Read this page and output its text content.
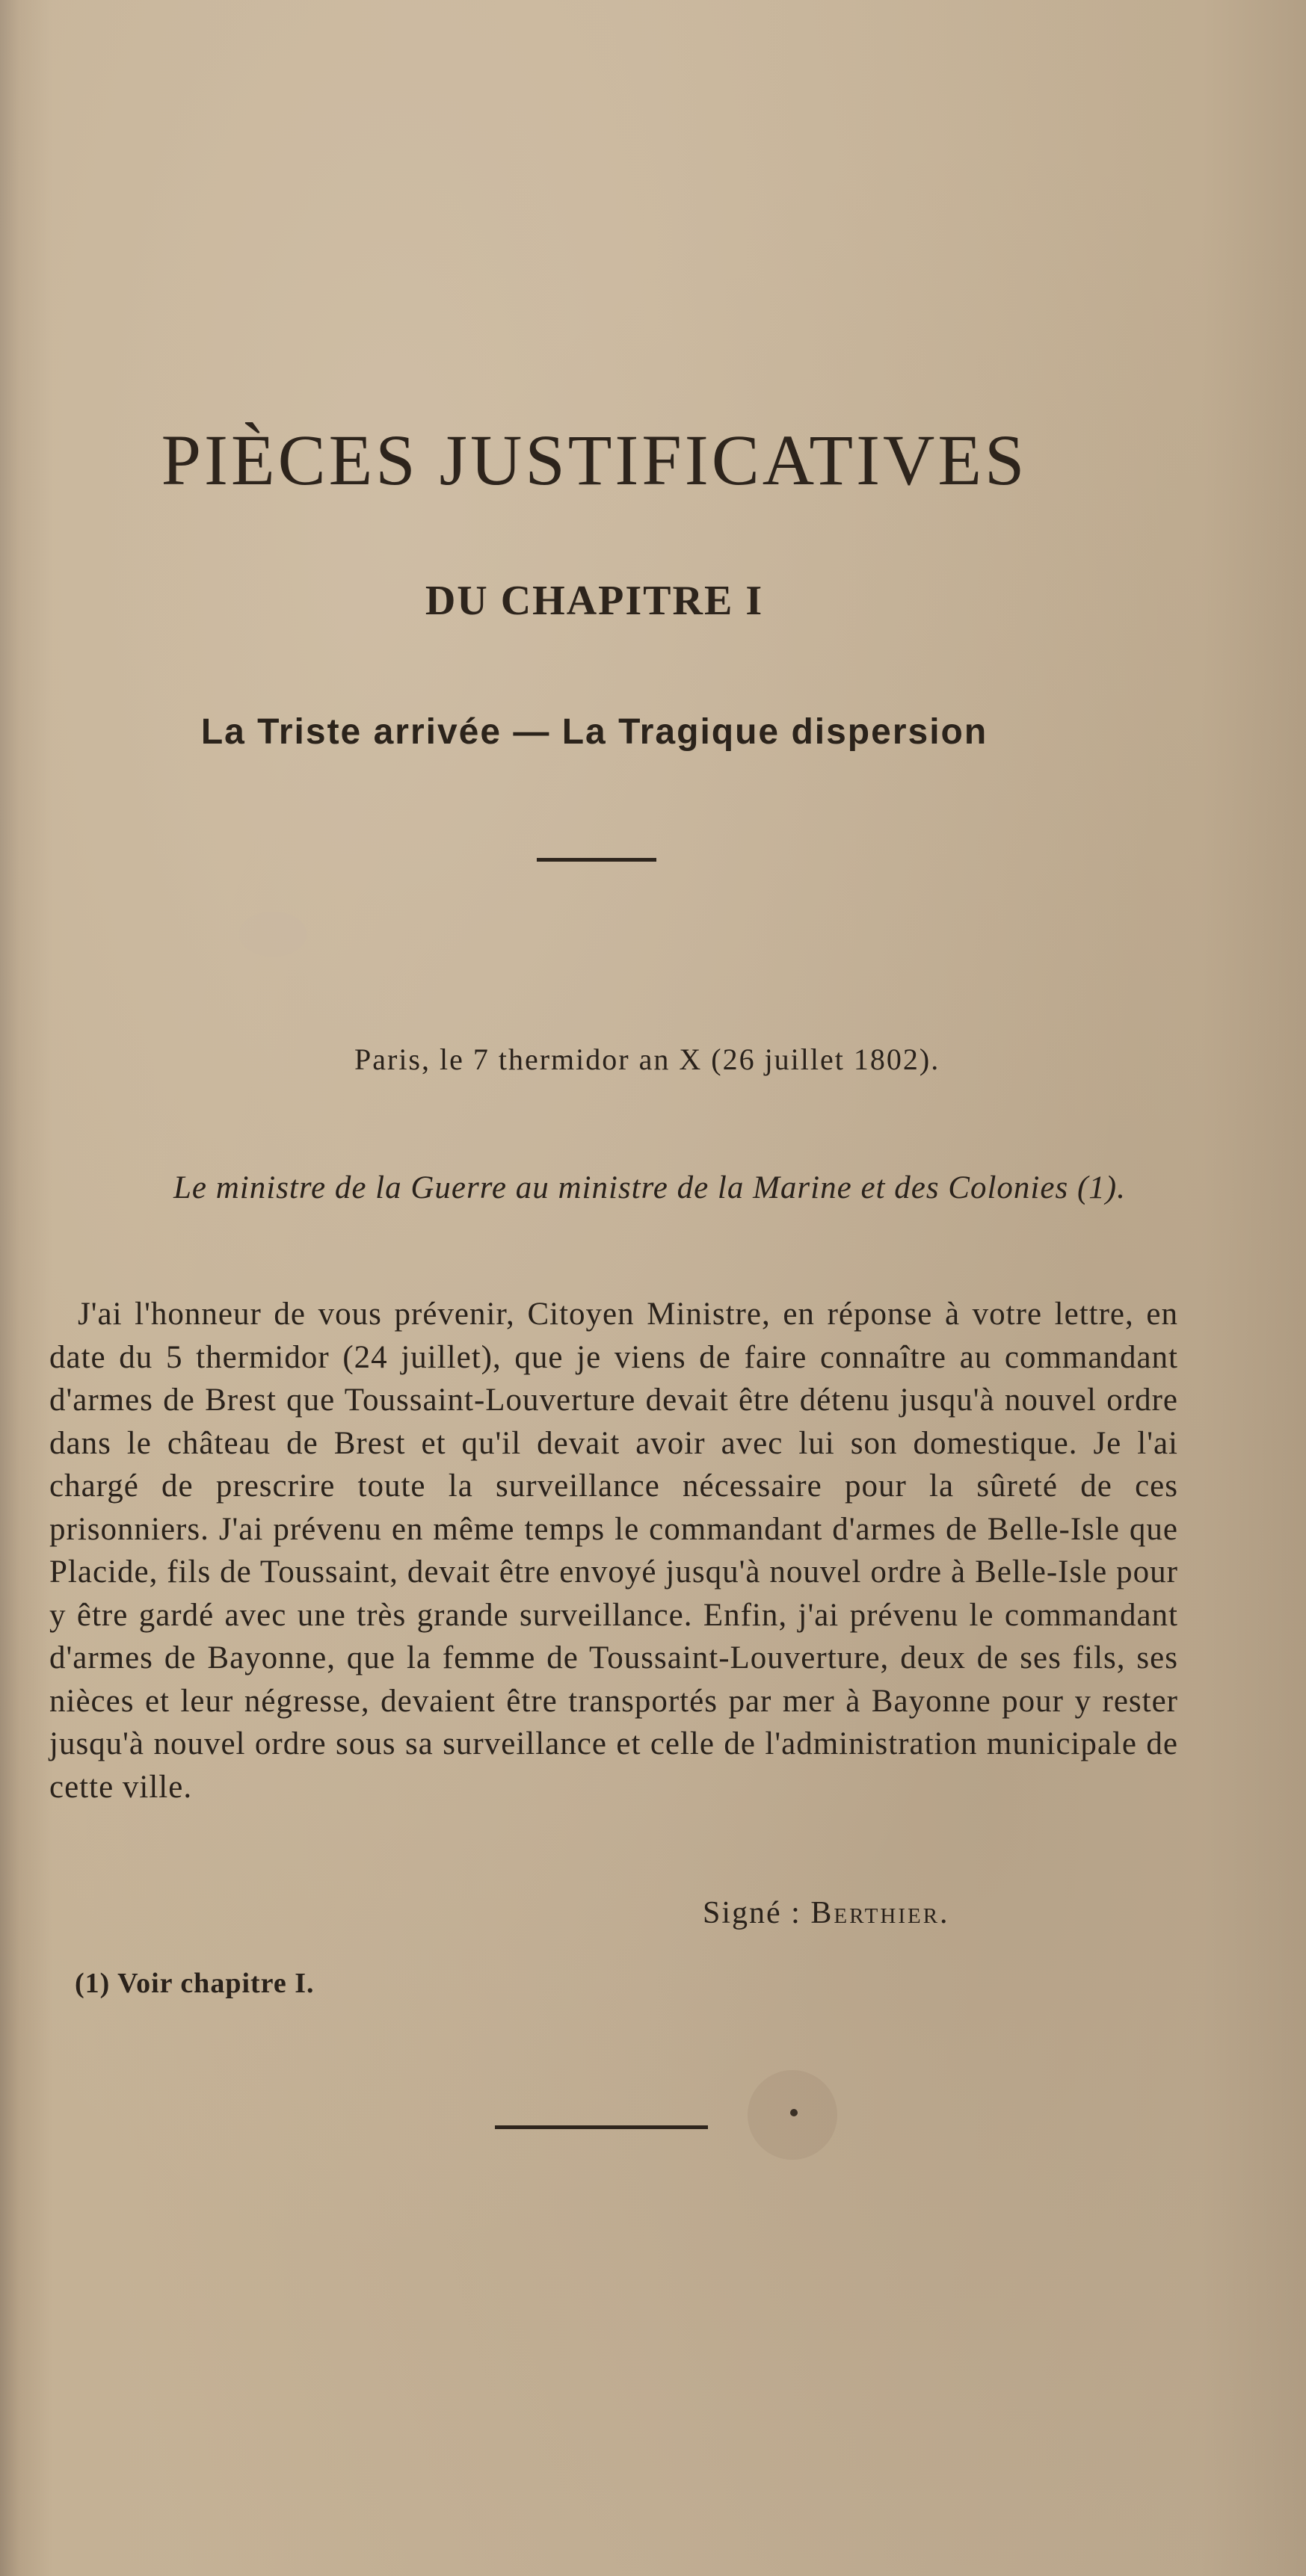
PIÈCES JUSTIFICATIVES
DU CHAPITRE I
La Triste arrivée — La Tragique dispersion

Paris, le 7 thermidor an X (26 juillet 1802).

Le ministre de la Guerre au ministre de la Marine et des Colonies (1).

J'ai l'honneur de vous prévenir, Citoyen Ministre, en réponse à votre lettre, en date du 5 thermidor (24 juillet), que je viens de faire connaître au commandant d'armes de Brest que Toussaint-Louverture devait être détenu jusqu'à nouvel ordre dans le château de Brest et qu'il devait avoir avec lui son domestique. Je l'ai chargé de prescrire toute la surveillance nécessaire pour la sûreté de ces prisonniers. J'ai prévenu en même temps le commandant d'armes de Belle-Isle que Placide, fils de Toussaint, devait être envoyé jusqu'à nouvel ordre à Belle-Isle pour y être gardé avec une très grande surveillance. Enfin, j'ai prévenu le commandant d'armes de Bayonne, que la femme de Toussaint-Louverture, deux de ses fils, ses nièces et leur négresse, devaient être transportés par mer à Bayonne pour y rester jusqu'à nouvel ordre sous sa surveillance et celle de l'administration municipale de cette ville.

Signé : Berthier.

(1) Voir chapitre I.
